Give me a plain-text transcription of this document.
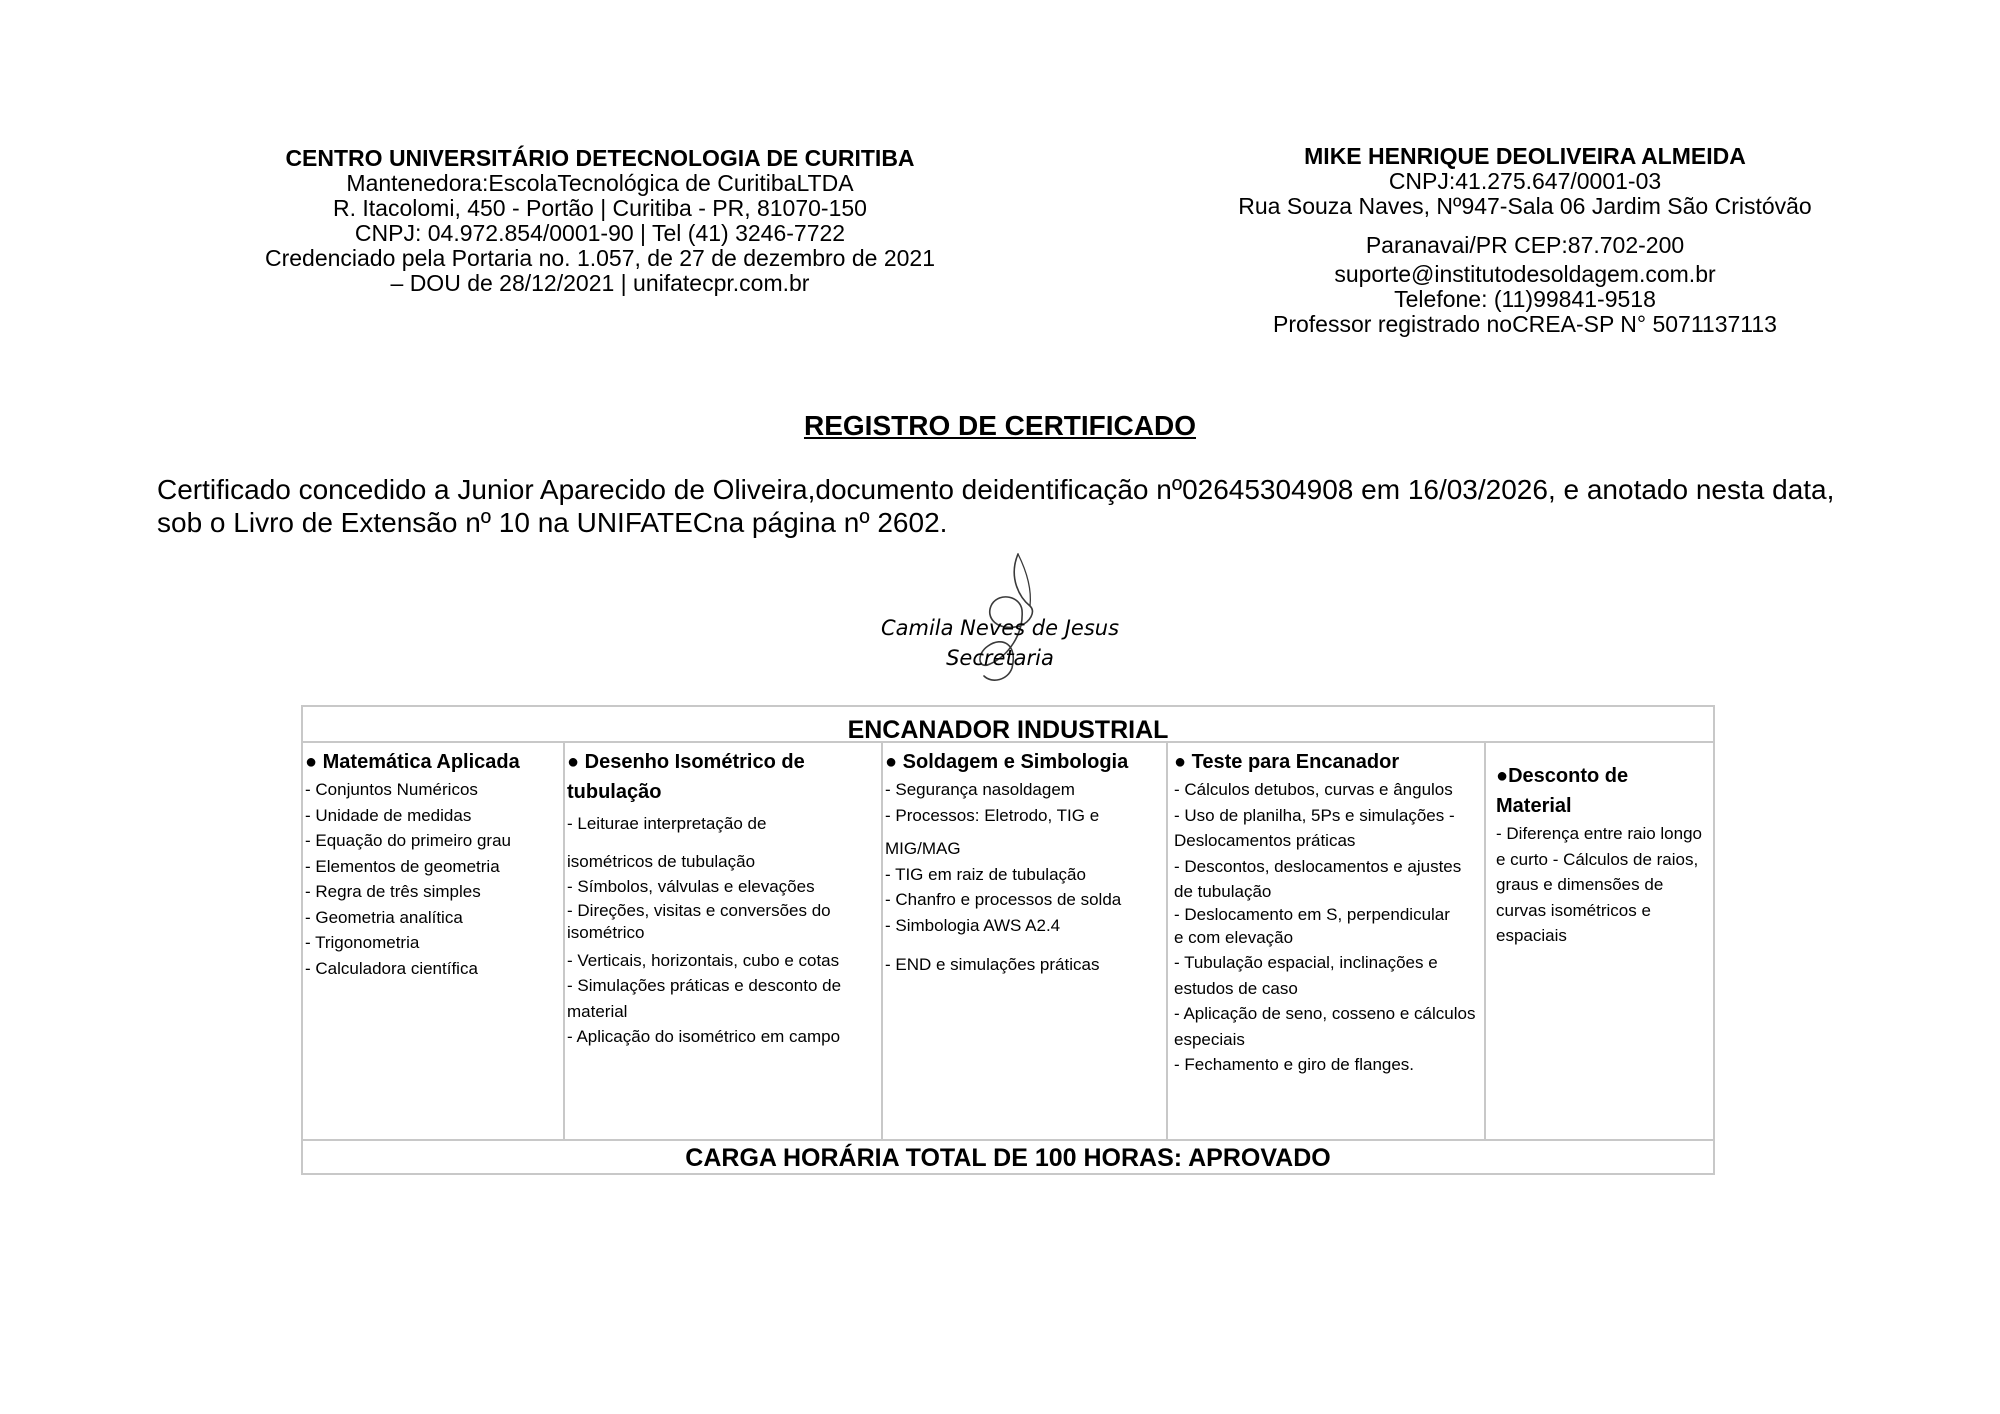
CENTRO UNIVERSITÁRIO DETECNOLOGIA DE CURITIBA
Mantenedora:EscolaTecnológica de CuritibaLTDA
R. Itacolomi, 450 - Portão | Curitiba - PR, 81070-150
CNPJ: 04.972.854/0001-90 | Tel (41) 3246-7722
Credenciado pela Portaria no. 1.057, de 27 de dezembro de 2021
– DOU de 28/12/2021 | unifatecpr.com.br
MIKE HENRIQUE DEOLIVEIRA ALMEIDA
CNPJ:41.275.647/0001-03
Rua Souza Naves, Nº947-Sala 06 Jardim São Cristóvão
Paranavai/PR CEP:87.702-200
suporte@institutodesoldagem.com.br
Telefone: (11)99841-9518
Professor registrado noCREA-SP N° 5071137113
REGISTRO DE CERTIFICADO
Certificado concedido a Junior Aparecido de Oliveira,documento deidentificação nº02645304908 em 16/03/2026, e anotado nesta data, sob o Livro de Extensão nº 10 na UNIFATECna página nº 2602.
Camila Neves de Jesus
Secretaria
ENCANADOR INDUSTRIAL
● Matemática Aplicada
- Conjuntos Numéricos
- Unidade de medidas
- Equação do primeiro grau
- Elementos de geometria
- Regra de três simples
- Geometria analítica
- Trigonometria
- Calculadora científica
● Desenho Isométrico de tubulação
- Leiturae interpretação de
isométricos de tubulação
- Símbolos, válvulas e elevações
- Direções, visitas e conversões do isométrico
- Verticais, horizontais, cubo e cotas
- Simulações práticas e desconto de material
- Aplicação do isométrico em campo
● Soldagem e Simbologia
- Segurança nasoldagem
- Processos: Eletrodo, TIG e
MIG/MAG
- TIG em raiz de tubulação
- Chanfro e processos de solda
- Simbologia AWS A2.4
- END e simulações práticas
● Teste para Encanador
- Cálculos detubos, curvas e ângulos
- Uso de planilha, 5Ps e simulações - Deslocamentos práticas
- Descontos, deslocamentos e ajustes de tubulação
- Deslocamento em S, perpendicular
e com elevação
- Tubulação espacial, inclinações e estudos de caso
- Aplicação de seno, cosseno e cálculos especiais
- Fechamento e giro de flanges.
●Desconto de Material
- Diferença entre raio longo e curto - Cálculos de raios, graus e dimensões de curvas isométricos e espaciais
CARGA HORÁRIA TOTAL DE 100 HORAS: APROVADO
